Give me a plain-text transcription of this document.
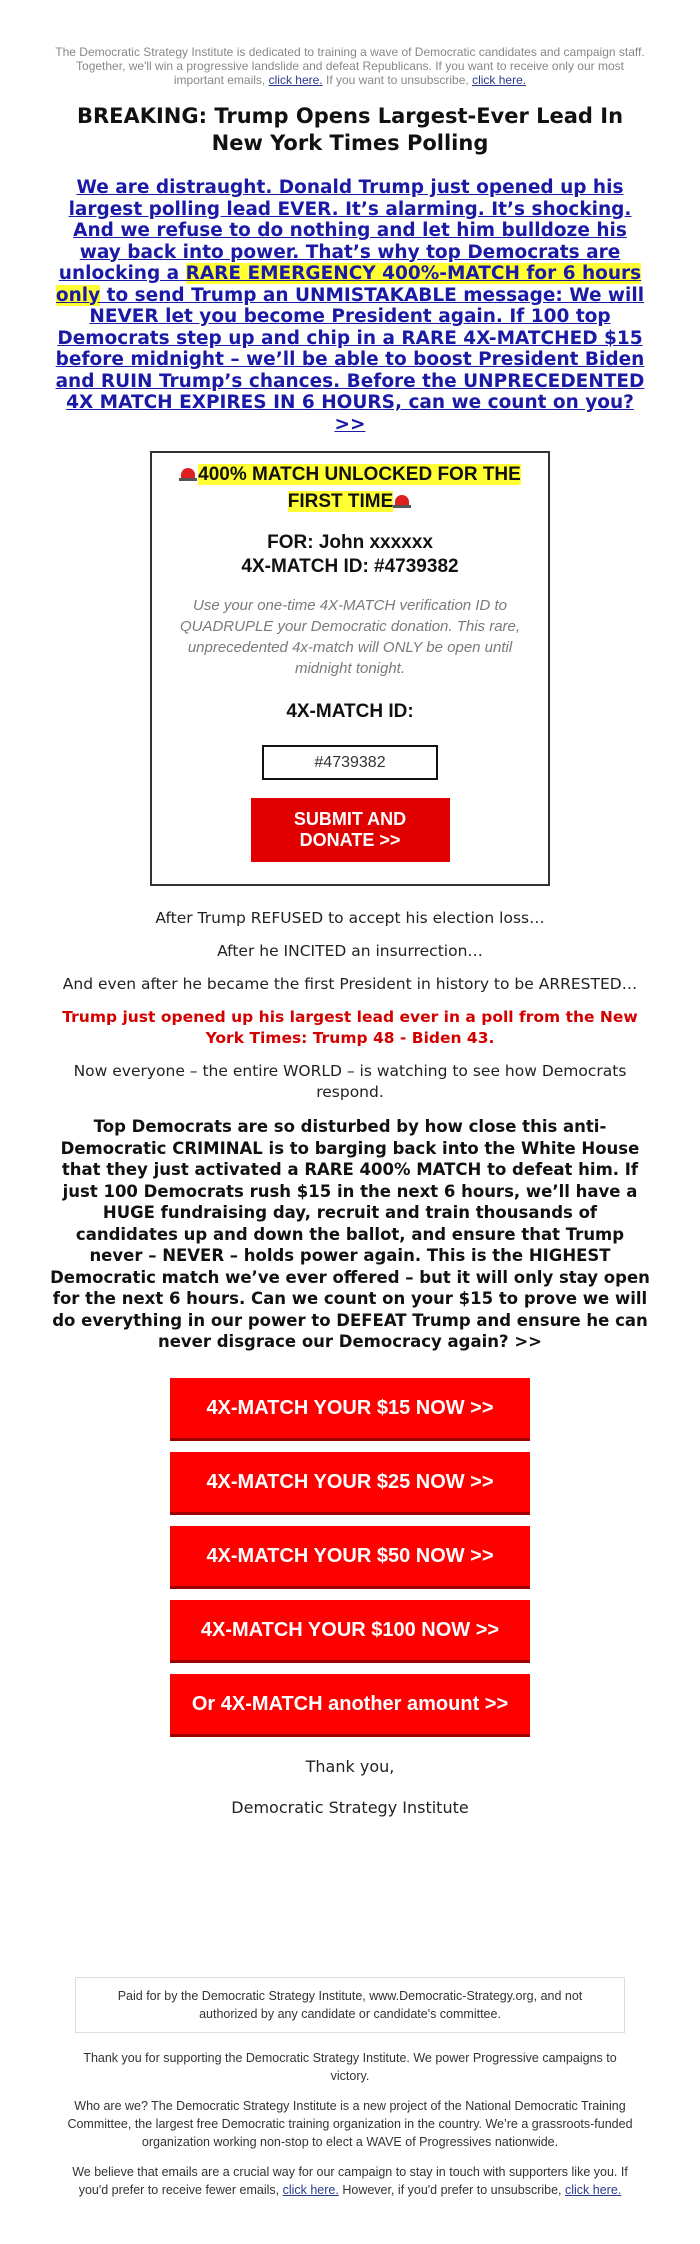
The Democratic Strategy Institute is dedicated to training a wave of Democratic candidates and campaign staff. Together, we'll win a progressive landslide and defeat Republicans. If you want to receive only our most important emails, click here. If you want to unsubscribe, click here.
BREAKING: Trump Opens Largest-Ever Lead In New York Times Polling
We are distraught. Donald Trump just opened up his largest polling lead EVER. It’s alarming. It’s shocking. And we refuse to do nothing and let him bulldoze his way back into power. That’s why top Democrats are unlocking a RARE EMERGENCY 400%-MATCH for 6 hours only to send Trump an UNMISTAKABLE message: We will NEVER let you become President again. If 100 top Democrats step up and chip in a RARE 4X-MATCHED $15 before midnight – we’ll be able to boost President Biden and RUIN Trump’s chances. Before the UNPRECEDENTED 4X MATCH EXPIRES IN 6 HOURS, can we count on you? >>
400% MATCH UNLOCKED FOR THE FIRST TIME
FOR: John xxxxxx
4X-MATCH ID: #4739382
Use your one-time 4X-MATCH verification ID to QUADRUPLE your Democratic donation. This rare, unprecedented 4x-match will ONLY be open until midnight tonight.
4X-MATCH ID:
#4739382 SUBMIT AND DONATE >>
After Trump REFUSED to accept his election loss…
After he INCITED an insurrection…
And even after he became the first President in history to be ARRESTED…
Trump just opened up his largest lead ever in a poll from the New York Times: Trump 48 - Biden 43.
Now everyone – the entire WORLD – is watching to see how Democrats respond.
Top Democrats are so disturbed by how close this anti-Democratic CRIMINAL is to barging back into the White House that they just activated a RARE 400% MATCH to defeat him. If just 100 Democrats rush $15 in the next 6 hours, we’ll have a HUGE fundraising day, recruit and train thousands of candidates up and down the ballot, and ensure that Trump never – NEVER – holds power again. This is the HIGHEST Democratic match we’ve ever offered – but it will only stay open for the next 6 hours. Can we count on your $15 to prove we will do everything in our power to DEFEAT Trump and ensure he can never disgrace our Democracy again? >>
4X-MATCH YOUR $15 NOW >>
4X-MATCH YOUR $25 NOW >>
4X-MATCH YOUR $50 NOW >>
4X-MATCH YOUR $100 NOW >>
Or 4X-MATCH another amount >>
Thank you,
Democratic Strategy Institute
Paid for by the Democratic Strategy Institute, www.Democratic-Strategy.org, and not authorized by any candidate or candidate's committee.
Thank you for supporting the Democratic Strategy Institute. We power Progressive campaigns to victory.
Who are we? The Democratic Strategy Institute is a new project of the National Democratic Training Committee, the largest free Democratic training organization in the country. We’re a grassroots-funded organization working non-stop to elect a WAVE of Progressives nationwide.
We believe that emails are a crucial way for our campaign to stay in touch with supporters like you. If you'd prefer to receive fewer emails, click here. However, if you'd prefer to unsubscribe, click here.
